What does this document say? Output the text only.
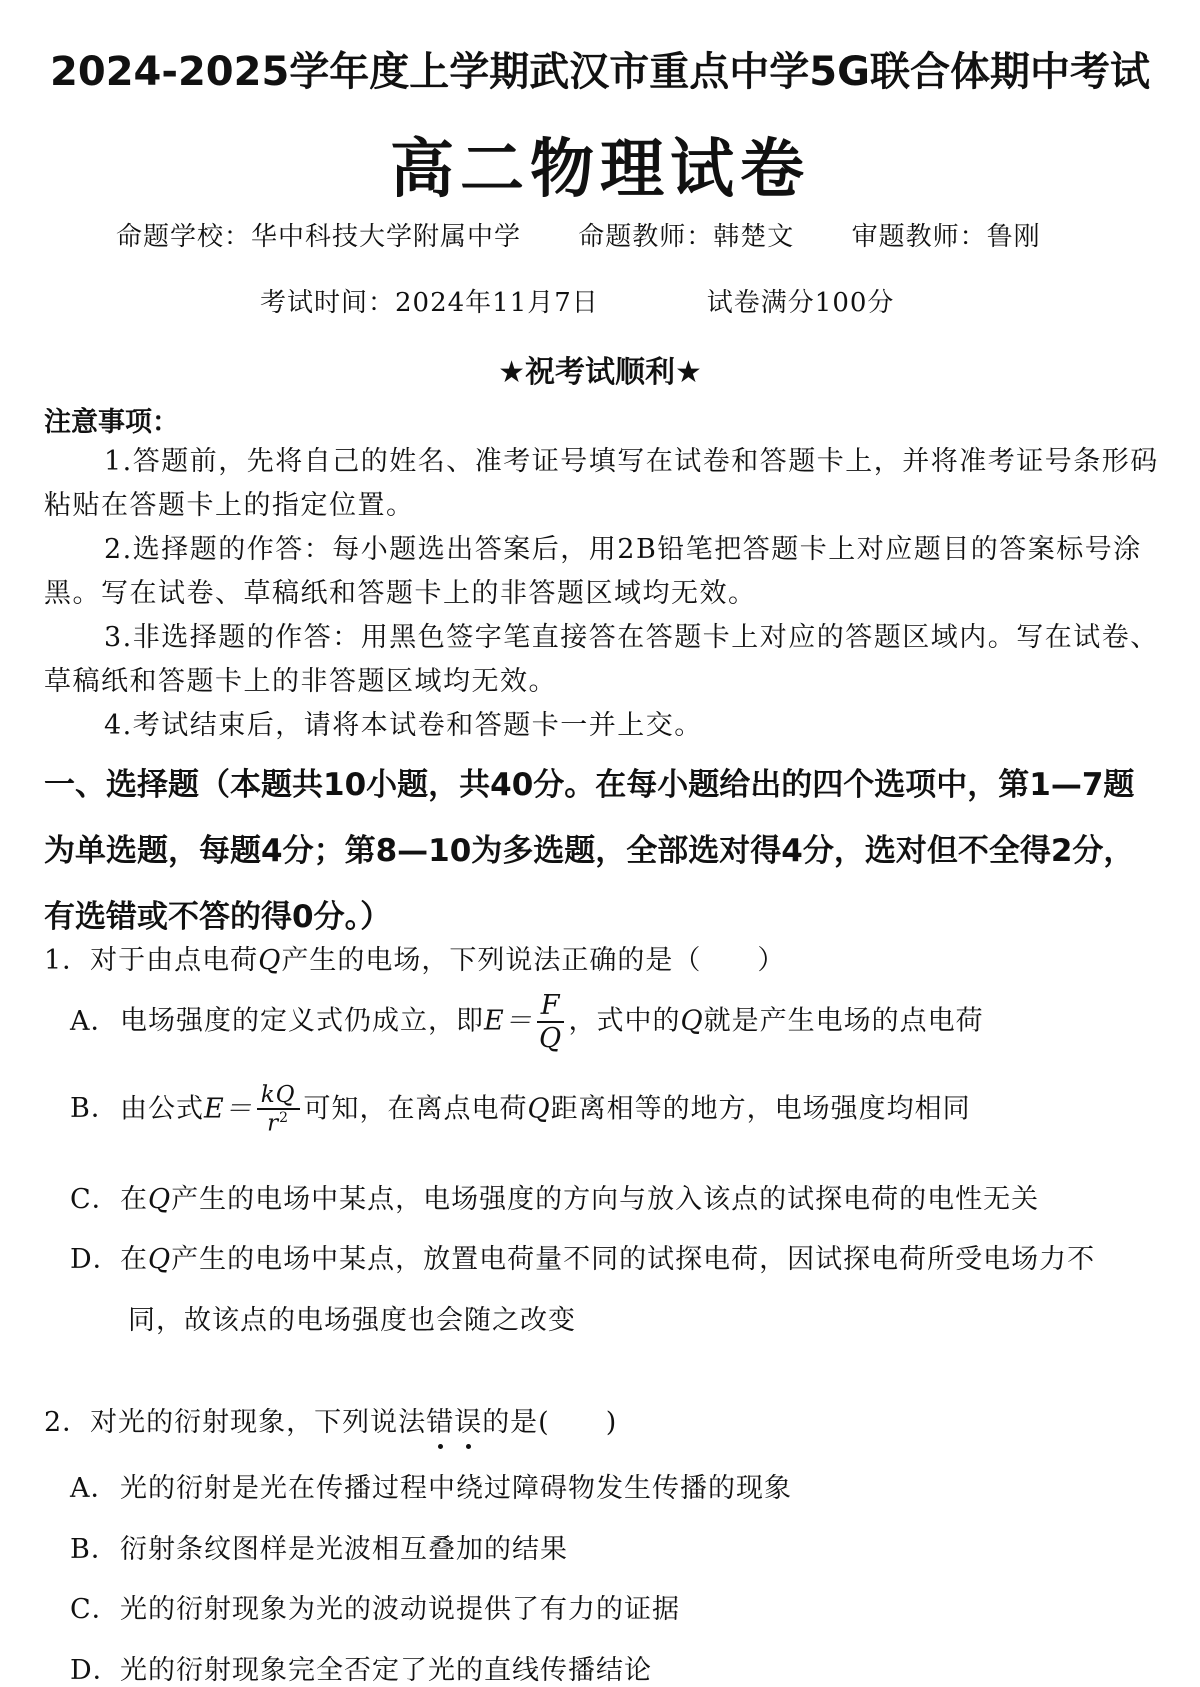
2024-2025学年度上学期武汉市重点中学5G联合体期中考试
高二物理试卷
命题学校：华中科技大学附属中学 命题教师：韩楚文 审题教师：鲁刚
考试时间：2024年11月7日	试卷满分100分
★祝考试顺利★
注意事项：
1.答题前，先将自己的姓名、准考证号填写在试卷和答题卡上，并将准考证号条形码粘贴在答题卡上的指定位置。
2.选择题的作答：每小题选出答案后，用2B铅笔把答题卡上对应题目的答案标号涂黑。写在试卷、草稿纸和答题卡上的非答题区域均无效。
3.非选择题的作答：用黑色签字笔直接答在答题卡上对应的答题区域内。写在试卷、草稿纸和答题卡上的非答题区域均无效。
4.考试结束后，请将本试卷和答题卡一并上交。
一、选择题（本题共10小题，共40分。在每小题给出的四个选项中，第1—7题为单选题，每题4分；第8—10为多选题，全部选对得4分，选对但不全得2分，有选错或不答的得0分。）
1．对于由点电荷Q产生的电场，下列说法正确的是（　　）
A．电场强度的定义式仍成立，即$E= \frac{F}{Q}$ ，式中的Q就是产生电场的点电荷
B．由公式$E= \frac{kQ}{r^2}$ 可知，在离点电荷Q距离相等的地方，电场强度均相同
C．在Q产生的电场中某点，电场强度的方向与放入该点的试探电荷的电性无关
D．在Q产生的电场中某点，放置电荷量不同的试探电荷，因试探电荷所受电场力不
同，故该点的电场强度也会随之改变
2．对光的衍射现象，下列说法错误的是(　　)
A．光的衍射是光在传播过程中绕过障碍物发生传播的现象
B．衍射条纹图样是光波相互叠加的结果
C．光的衍射现象为光的波动说提供了有力的证据
D．光的衍射现象完全否定了光的直线传播结论
